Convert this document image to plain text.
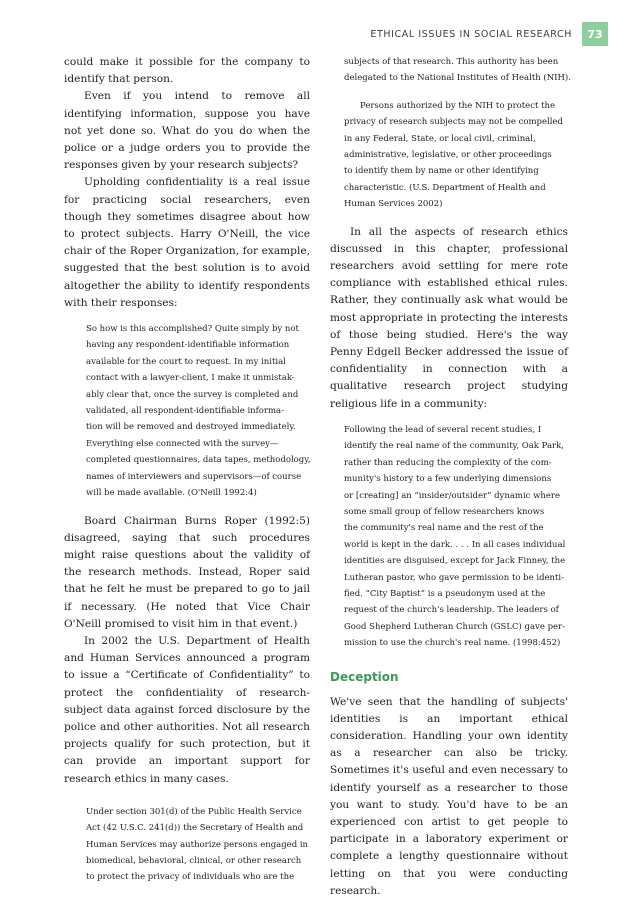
ETHICAL ISSUES IN SOCIAL RESEARCH	73

could make it possible for the company to identify that person.

Even if you intend to remove all identifying information, suppose you have not yet done so. What do you do when the police or a judge orders you to provide the responses given by your research subjects?

Upholding confidentiality is a real issue for practicing social researchers, even though they sometimes disagree about how to protect subjects. Harry O'Neill, the vice chair of the Roper Organization, for example, suggested that the best solution is to avoid altogether the ability to identify respondents with their responses:

So how is this accomplished? Quite simply by not
having any respondent-identifiable information
available for the court to request. In my initial
contact with a lawyer-client, I make it unmistak-
ably clear that, once the survey is completed and
validated, all respondent-identifiable informa-
tion will be removed and destroyed immediately.
Everything else connected with the survey—
completed questionnaires, data tapes, methodology,
names of interviewers and supervisors—of course
will be made available. (O'Neill 1992:4)

Board Chairman Burns Roper (1992:5) disagreed, saying that such procedures might raise questions about the validity of the research methods. Instead, Roper said that he felt he must be prepared to go to jail if necessary. (He noted that Vice Chair O'Neill promised to visit him in that event.)

In 2002 the U.S. Department of Health and Human Services announced a program to issue a “Certificate of Confidentiality” to protect the confidentiality of research-subject data against forced disclosure by the police and other authorities. Not all research projects qualify for such protection, but it can provide an important support for research ethics in many cases.

Under section 301(d) of the Public Health Service
Act (42 U.S.C. 241(d)) the Secretary of Health and
Human Services may authorize persons engaged in
biomedical, behavioral, clinical, or other research
to protect the privacy of individuals who are the
subjects of that research. This authority has been
delegated to the National Institutes of Health (NIH).
Persons authorized by the NIH to protect the
privacy of research subjects may not be compelled
in any Federal, State, or local civil, criminal,
administrative, legislative, or other proceedings
to identify them by name or other identifying
characteristic. (U.S. Department of Health and
Human Services 2002)

In all the aspects of research ethics discussed in this chapter, professional researchers avoid settling for mere rote compliance with established ethical rules. Rather, they continually ask what would be most appropriate in protecting the interests of those being studied. Here's the way Penny Edgell Becker addressed the issue of confidentiality in connection with a qualitative research project studying religious life in a community:

Following the lead of several recent studies, I
identify the real name of the community, Oak Park,
rather than reducing the complexity of the com-
munity's history to a few underlying dimensions
or [creating] an “insider/outsider” dynamic where
some small group of fellow researchers knows
the community's real name and the rest of the
world is kept in the dark. . . . In all cases individual
identities are disguised, except for Jack Finney, the
Lutheran pastor, who gave permission to be identi-
fied. “City Baptist” is a pseudonym used at the
request of the church's leadership. The leaders of
Good Shepherd Lutheran Church (GSLC) gave per-
mission to use the church's real name. (1998:452)
Deception

We've seen that the handling of subjects' identities is an important ethical consideration. Handling your own identity as a researcher can also be tricky. Sometimes it's useful and even necessary to identify yourself as a researcher to those you want to study. You'd have to be an experienced con artist to get people to participate in a laboratory experiment or complete a lengthy questionnaire without letting on that you were conducting research.
